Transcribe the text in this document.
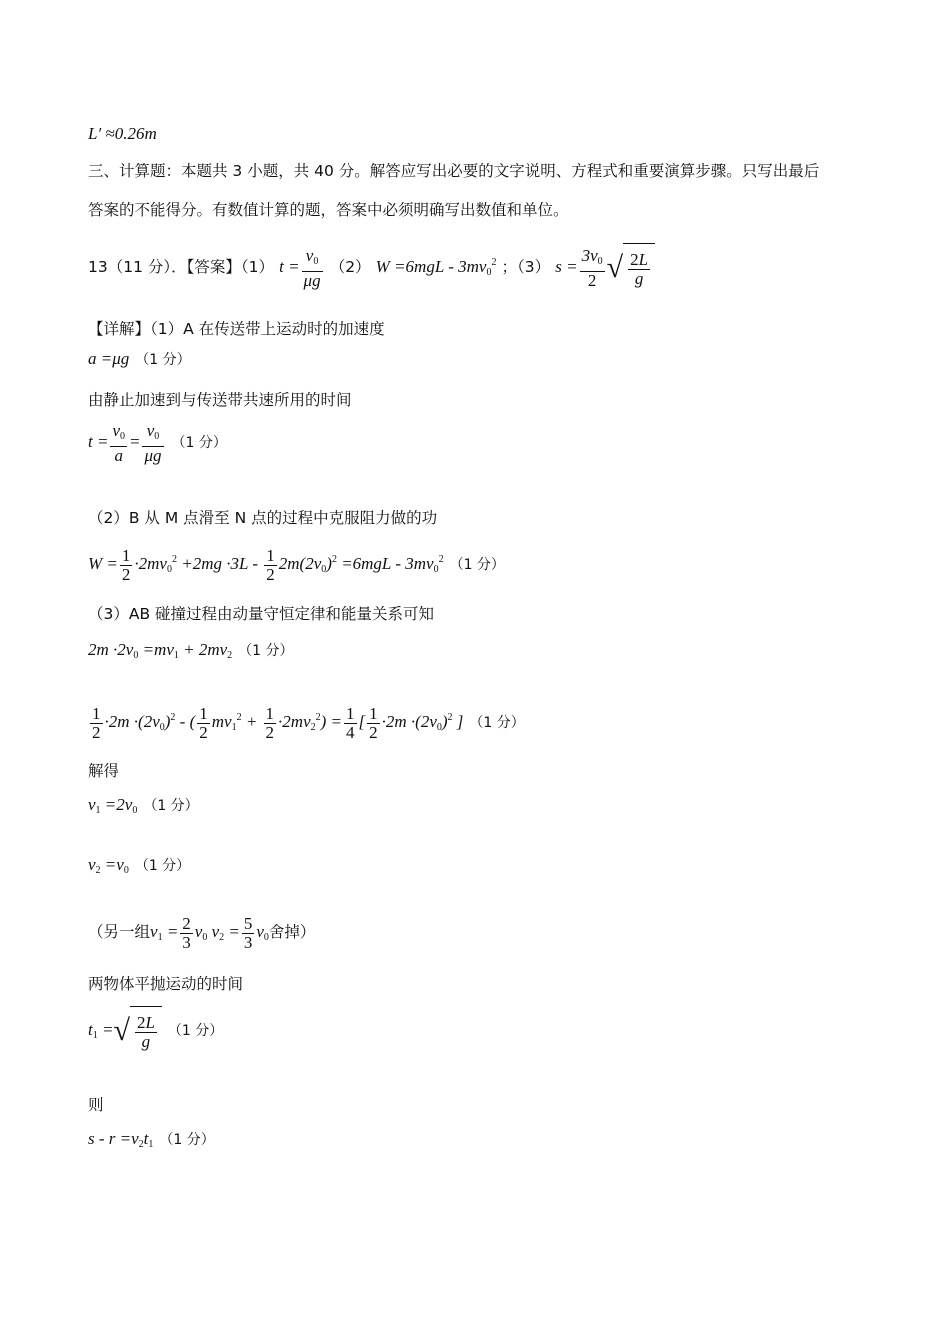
L′ ≈0.26m
三、计算题：本题共 3 小题，共 40 分。解答应写出必要的文字说明、方程式和重要演算步骤。只写出最后
答案的不能得分。有数值计算的题，答案中必须明确写出数值和单位。
13（11 分）．【答案】（1） $t = \frac{v_0}{\mu g} (2)$ $W =6mgL - 3mv_0^2$ ；（3） $s = \frac{3v_0}{2}$ √ $\frac{2L}{g}$
【详解】（1）A 在传送带上运动时的加速度
a =μg （1 分）
由静止加速到与传送带共速所用的时间
$t = \frac{v_0}{a} = \frac{v_0}{\mu g} (1$ 分）
（2）B 从 M 点滑至 N 点的过程中克服阻力做的功
$W = \frac{1}{2} \cdot 2mv_0^2 +2mg \cdot 3L - \frac{1}{2} 2m(2v_0)^2 =6mgL - 3mv_0^2$ （1 分）
（3）AB 碰撞过程由动量守恒定律和能量关系可知
$2m \cdot 2v_0 =mv_1 + 2mv_2$ （1 分）
$\frac{1}{2} \cdot 2m \cdot(2v_0)^2$ - ( $\frac{1}{2} mv_1^2 + \frac{1}{2} \cdot 2mv_2^2) = \frac{1}{4}$ [ $\frac{1}{2} \cdot 2m \cdot(2v_0)^2$ ] （1 分）
解得
$v_1 =2v_0$ （1 分）
$v_2 =v_0$ （1 分）
（另一组$v_1 = \frac{2}{3} v_0$ $v_2 = \frac{5}{3} v_0$舍掉）
两物体平抛运动的时间
$t_1$ =√ $\frac{2L}{g} (1$ 分）
则
$s - r =v_2t_1$ （1 分）
